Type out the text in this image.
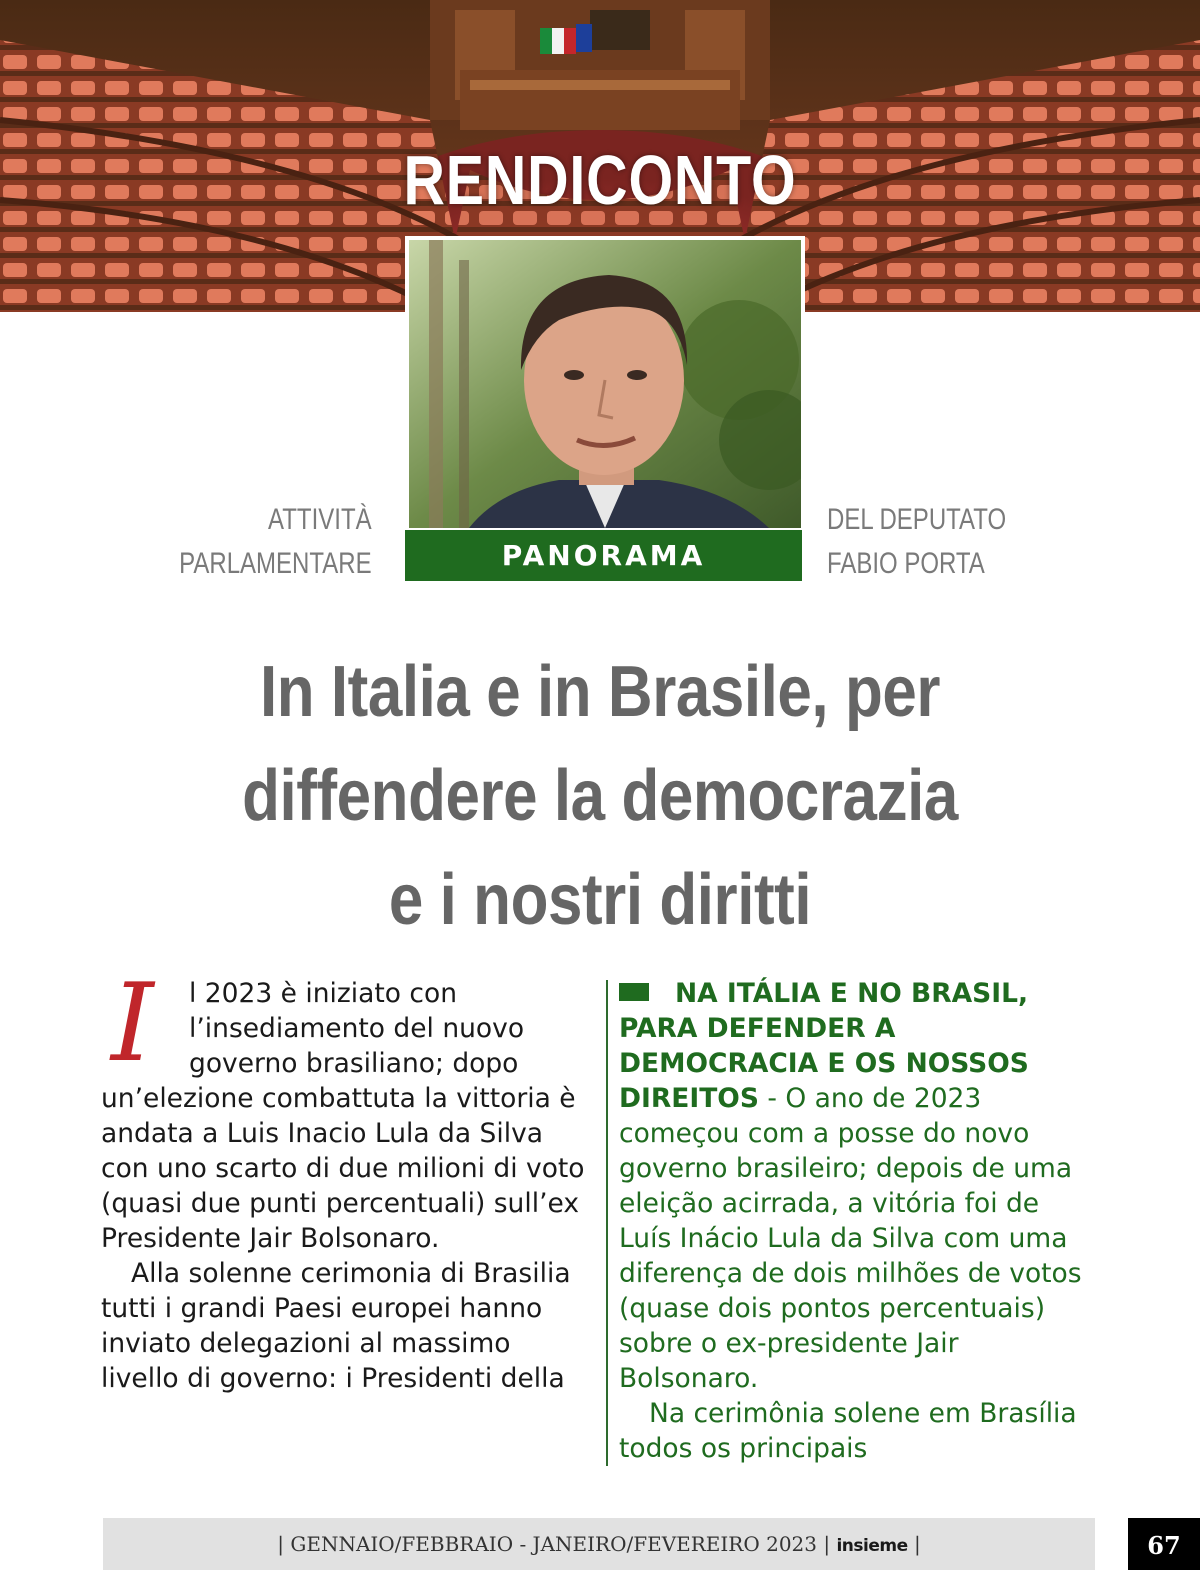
RENDICONTO
PANORAMA
ATTIVITÀ
PARLAMENTARE
DEL DEPUTATO
FABIO PORTA
In Italia e in Brasile, per
diffendere la democrazia
e i nostri diritti
I	l 2023 è iniziato con l’insediamento del nuovo governo brasiliano; dopo un’elezione combattuta la vittoria è andata a Luis Inacio Lula da Silva con uno scarto di due milioni di voto (quasi due punti percentuali) sull’ex Presidente Jair Bolsonaro.

Alla solenne cerimonia di Brasilia tutti i grandi Paesi europei hanno inviato delegazioni al massimo livello di governo: i Presidenti della

NA ITÁLIA E NO BRASIL, PARA DEFENDER A DEMOCRACIA E OS NOSSOS DIREITOS - O ano de 2023 começou com a posse do novo governo brasileiro; depois de uma eleição acirrada, a vitória foi de Luís Inácio Lula da Silva com uma diferença de dois milhões de votos (quase dois pontos percentuais) sobre o ex-presidente Jair Bolsonaro.

Na cerimônia solene em Brasília todos os principais

| GENNAIO/FEBBRAIO - JANEIRO/FEVEREIRO 2023 | insieme |	67
